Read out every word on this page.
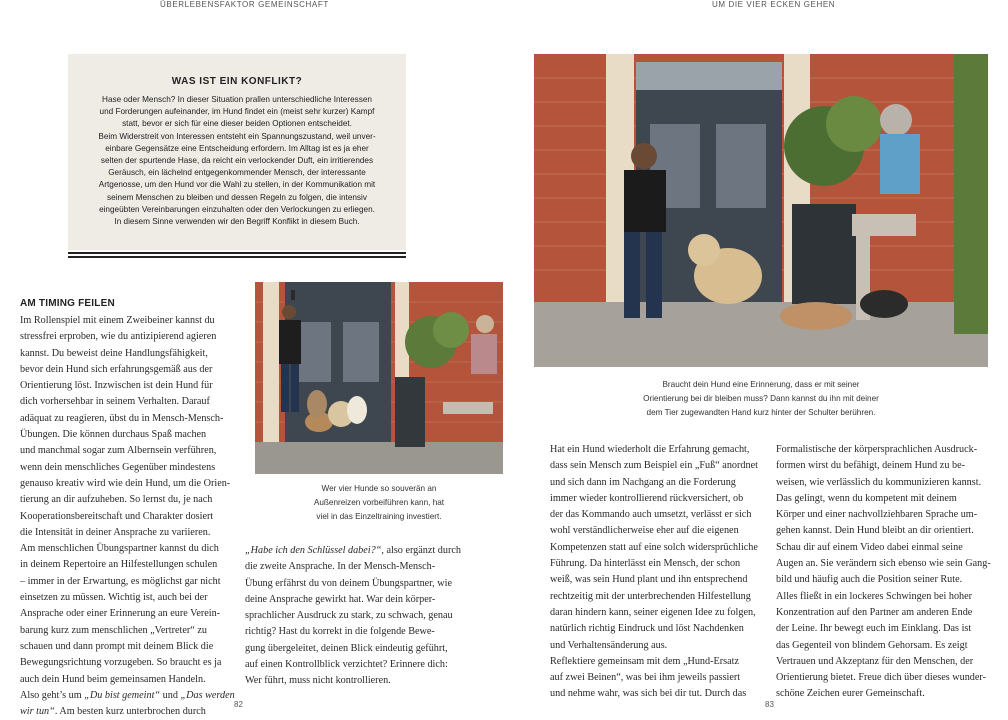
ÜBERLEBENSFAKTOR GEMEINSCHAFT	UM DIE VIER ECKEN GEHEN
WAS IST EIN KONFLIKT?
Hase oder Mensch? In dieser Situation prallen unterschiedliche Interessen
und Forderungen aufeinander, im Hund findet ein (meist sehr kurzer) Kampf
statt, bevor er sich für eine dieser beiden Optionen entscheidet.
Beim Widerstreit von Interessen entsteht ein Spannungszustand, weil unver-
einbare Gegensätze eine Entscheidung erfordern. Im Alltag ist es ja eher
selten der spurtende Hase, da reicht ein verlockender Duft, ein irritierendes
Geräusch, ein lächelnd entgegenkommender Mensch, der interessante
Artgenosse, um den Hund vor die Wahl zu stellen, in der Kommunikation mit
seinem Menschen zu bleiben und dessen Regeln zu folgen, die intensiv
eingeübten Vereinbarungen einzuhalten oder den Verlockungen zu erliegen.
In diesem Sinne verwenden wir den Begriff Konflikt in diesem Buch.
AM TIMING FEILEN
Im Rollenspiel mit einem Zweibeiner kannst du
stressfrei erproben, wie du antizipierend agieren
kannst. Du beweist deine Handlungsfähigkeit,
bevor dein Hund sich erfahrungsgemäß aus der
Orientierung löst. Inzwischen ist dein Hund für
dich vorhersehbar in seinem Verhalten. Darauf
adäquat zu reagieren, übst du in Mensch-Mensch-
Übungen. Die können durchaus Spaß machen
und manchmal sogar zum Albernsein verführen,
wenn dein menschliches Gegenüber mindestens
genauso kreativ wird wie dein Hund, um die Orien-
tierung an dir aufzuheben. So lernst du, je nach
Kooperationsbereitschaft und Charakter dosiert
die Intensität in deiner Ansprache zu variieren.
Am menschlichen Übungspartner kannst du dich
in deinem Repertoire an Hilfestellungen schulen
– immer in der Erwartung, es möglichst gar nicht
einsetzen zu müssen. Wichtig ist, auch bei der
Ansprache oder einer Erinnerung an eure Verein-
barung kurz zum menschlichen „Vertreter“ zu
schauen und dann prompt mit deinem Blick die
Bewegungsrichtung vorzugeben. So braucht es ja
auch dein Hund beim gemeinsamen Handeln.
Also geht’s um „Du bist gemeint“ und „Das werden
wir tun“. Am besten kurz unterbrochen durch
Wer vier Hunde so souverän an
Außenreizen vorbeiführen kann, hat
viel in das Einzeltraining investiert.
„Habe ich den Schlüssel dabei?“, also ergänzt durch
die zweite Ansprache. In der Mensch-Mensch-
Übung erfährst du von deinem Übungspartner, wie
deine Ansprache gewirkt hat. War dein körper-
sprachlicher Ausdruck zu stark, zu schwach, genau
richtig? Hast du korrekt in die folgende Bewe-
gung übergeleitet, deinen Blick eindeutig geführt,
auf einen Kontrollblick verzichtet? Erinnere dich:
Wer führt, muss nicht kontrollieren.
Braucht dein Hund eine Erinnerung, dass er mit seiner
Orientierung bei dir bleiben muss? Dann kannst du ihn mit deiner
dem Tier zugewandten Hand kurz hinter der Schulter berühren.
Hat ein Hund wiederholt die Erfahrung gemacht,
dass sein Mensch zum Beispiel ein „Fuß“ anordnet
und sich dann im Nachgang an die Forderung
immer wieder kontrollierend rückversichert, ob
der das Kommando auch umsetzt, verlässt er sich
wohl verständlicherweise eher auf die eigenen
Kompetenzen statt auf eine solch widersprüchliche
Führung. Da hinterlässt ein Mensch, der schon
weiß, was sein Hund plant und ihn entsprechend
rechtzeitig mit der unterbrechenden Hilfestellung
daran hindern kann, seiner eigenen Idee zu folgen,
natürlich richtig Eindruck und löst Nachdenken
und Verhaltensänderung aus.
Reflektiere gemeinsam mit dem „Hund-Ersatz
auf zwei Beinen“, was bei ihm jeweils passiert
und nehme wahr, was sich bei dir tut. Durch das
Formalistische der körpersprachlichen Ausdruck-
formen wirst du befähigt, deinem Hund zu be-
weisen, wie verlässlich du kommunizieren kannst.
Das gelingt, wenn du kompetent mit deinem
Körper und einer nachvollziehbaren Sprache um-
gehen kannst. Dein Hund bleibt an dir orientiert.
Schau dir auf einem Video dabei einmal seine
Augen an. Sie verändern sich ebenso wie sein Gang-
bild und häufig auch die Position seiner Rute.
Alles fließt in ein lockeres Schwingen bei hoher
Konzentration auf den Partner am anderen Ende
der Leine. Ihr bewegt euch im Einklang. Das ist
das Gegenteil von blindem Gehorsam. Es zeigt
Vertrauen und Akzeptanz für den Menschen, der
Orientierung bietet. Freue dich über dieses wunder-
schöne Zeichen eurer Gemeinschaft.
82	83
